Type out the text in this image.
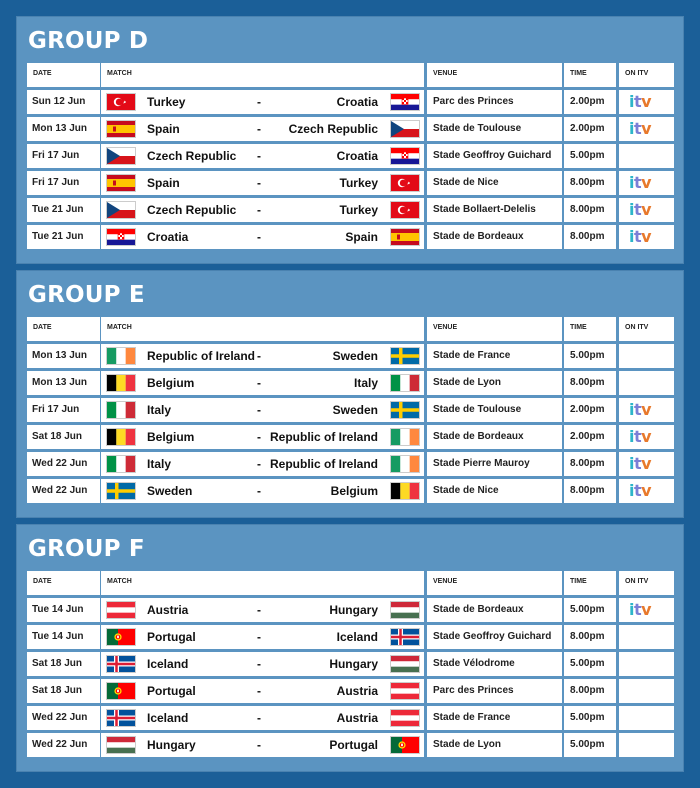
GROUP D
DATE	MATCH	VENUE	TIME	ON ITV
Sun 12 Jun	Turkey	-	Croatia	Parc des Princes	2.00pm	itv
Mon 13 Jun	Spain	- Czech Republic	Stade de Toulouse	2.00pm	itv
Fri 17 Jun	Czech Republic -	Croatia	Stade Geoffroy Guichard	5.00pm
Fri 17 Jun	Spain	-	Turkey	Stade de Nice	8.00pm	itv
Tue 21 Jun	Czech Republic -	Turkey	Stade Bollaert-Delelis	8.00pm	itv
Tue 21 Jun	Croatia	-	Spain	Stade de Bordeaux	8.00pm	itv
GROUP E
DATE	MATCH	VENUE	TIME	ON ITV
Mon 13 Jun	Republic of Ireland -	Sweden	Stade de France	5.00pm
Mon 13 Jun	Belgium	-	Italy	Stade de Lyon	8.00pm
Fri 17 Jun	Italy	-	Sweden	Stade de Toulouse	2.00pm	itv
Sat 18 Jun	Belgium	- Republic of Ireland	Stade de Bordeaux	2.00pm	itv
Wed 22 Jun	Italy	- Republic of Ireland	Stade Pierre Mauroy	8.00pm	itv
Wed 22 Jun	Sweden	-	Belgium	Stade de Nice	8.00pm	itv
GROUP F
DATE	MATCH	VENUE	TIME	ON ITV
Tue 14 Jun	Austria	-	Hungary	Stade de Bordeaux	5.00pm	itv
Tue 14 Jun	Portugal	-	Iceland	Stade Geoffroy Guichard	8.00pm
Sat 18 Jun	Iceland	-	Hungary	Stade Vélodrome	5.00pm
Sat 18 Jun	Portugal	-	Austria	Parc des Princes	8.00pm
Wed 22 Jun	Iceland	-	Austria	Stade de France	5.00pm
Wed 22 Jun	Hungary	-	Portugal	Stade de Lyon	5.00pm
